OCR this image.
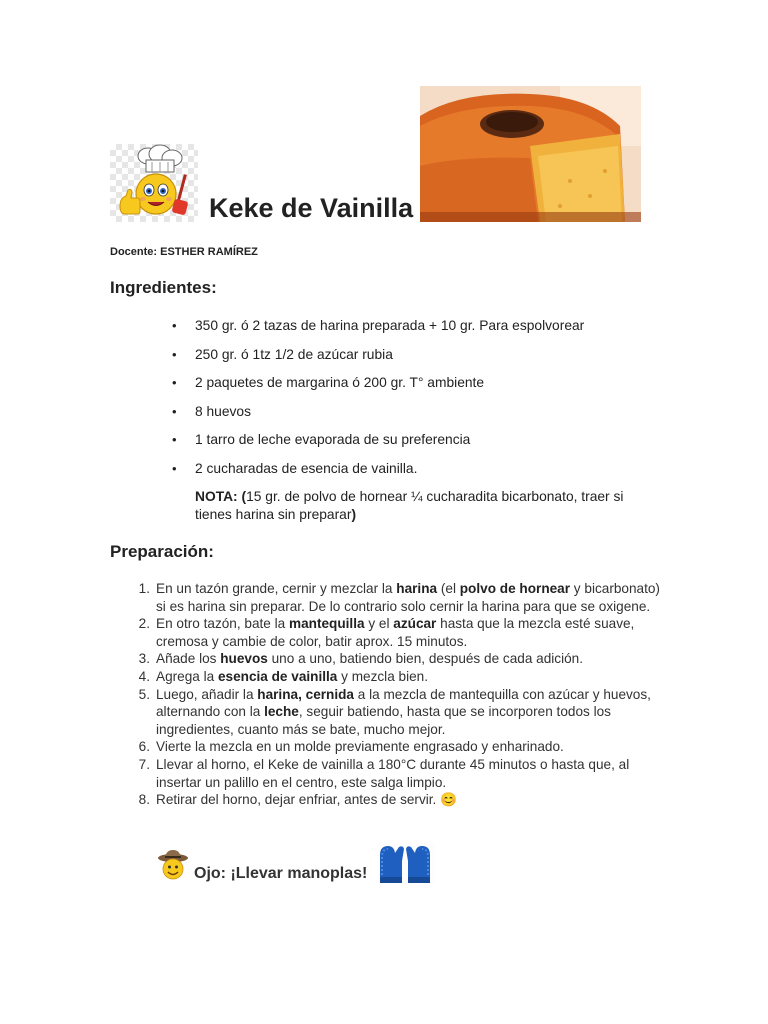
Keke de Vainilla
Docente: ESTHER RAMÍREZ
Ingredientes:
• 350 gr. ó 2 tazas de harina preparada + 10 gr. Para espolvorear
• 250 gr. ó 1tz 1/2 de azúcar rubia
• 2 paquetes de margarina ó 200 gr. T° ambiente
• 8 huevos
• 1 tarro de leche evaporada de su preferencia
• 2 cucharadas de esencia de vainilla.
NOTA: (15 gr. de polvo de hornear ¼ cucharadita bicarbonato, traer si tienes harina sin preparar)
Preparación:
1. En un tazón grande, cernir y mezclar la harina (el polvo de hornear y bicarbonato) si es harina sin preparar. De lo contrario solo cernir la harina para que se oxigene.
2. En otro tazón, bate la mantequilla y el azúcar hasta que la mezcla esté suave, cremosa y cambie de color, batir aprox. 15 minutos.
3. Añade los huevos uno a uno, batiendo bien, después de cada adición.
4. Agrega la esencia de vainilla y mezcla bien.
5. Luego, añadir la harina, cernida a la mezcla de mantequilla con azúcar y huevos, alternando con la leche, seguir batiendo, hasta que se incorporen todos los ingredientes, cuanto más se bate, mucho mejor.
6. Vierte la mezcla en un molde previamente engrasado y enharinado.
7. Llevar al horno, el Keke de vainilla a 180°C durante 45 minutos o hasta que, al insertar un palillo en el centro, este salga limpio.
8. Retirar del horno, dejar enfriar, antes de servir. 😊
Ojo: ¡Llevar manoplas!
